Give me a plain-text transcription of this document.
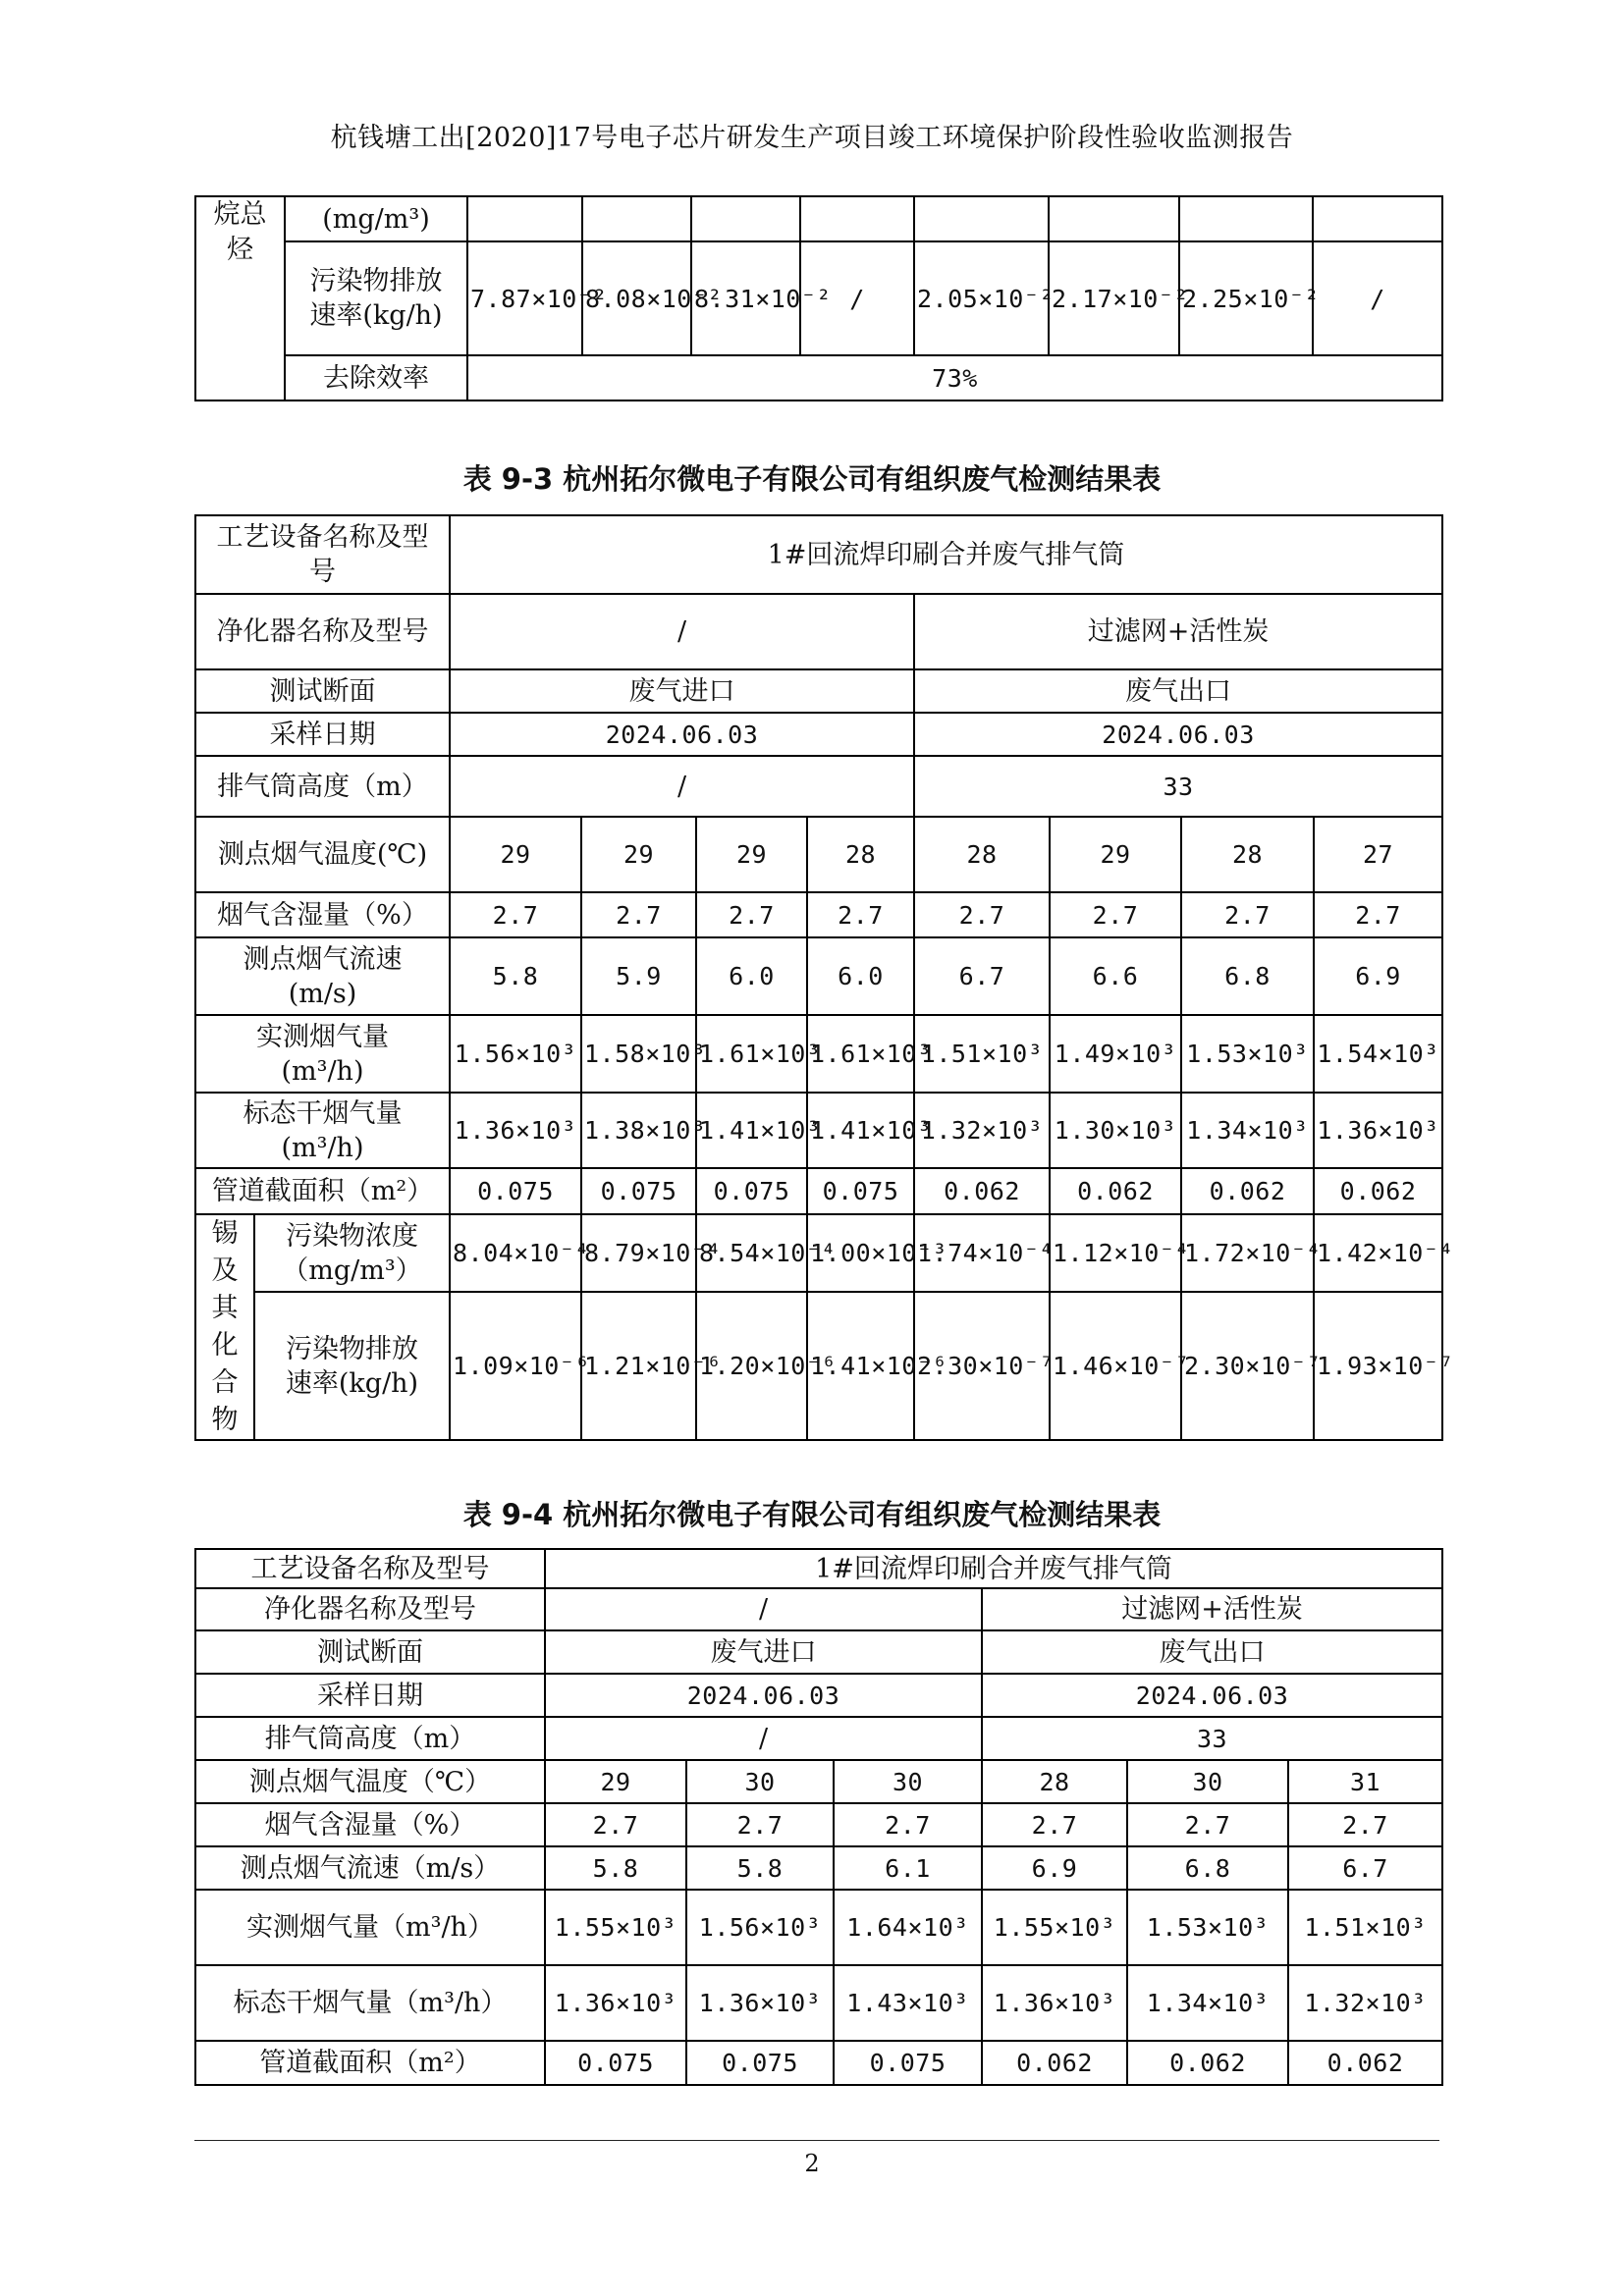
杭钱塘工出[2020]17号电子芯片研发生产项目竣工环境保护阶段性验收监测报告
烷总烃	(mg/m³)								
	污染物排放速率(kg/h)	7.87×10⁻²	8.08×10⁻²	8.31×10⁻²	/	2.05×10⁻²	2.17×10⁻²	2.25×10⁻²	/
	去除效率	73%							
表 9-3 杭州拓尔微电子有限公司有组织废气检测结果表
工艺设备名称及型号		1#回流焊印刷合并废气排气筒							
净化器名称及型号		/				过滤网+活性炭			
测试断面		废气进口				废气出口			
采样日期		2024.06.03				2024.06.03			
排气筒高度（m）		/				33			
测点烟气温度(℃)		29	29	29	28	28	29	28	27
烟气含湿量（%）		2.7	2.7	2.7	2.7	2.7	2.7	2.7	2.7
测点烟气流速(m/s)		5.8	5.9	6.0	6.0	6.7	6.6	6.8	6.9
实测烟气量(m³/h)		1.56×10³	1.58×10³	1.61×10³	1.61×10³	1.51×10³	1.49×10³	1.53×10³	1.54×10³
标态干烟气量(m³/h)		1.36×10³	1.38×10³	1.41×10³	1.41×10³	1.32×10³	1.30×10³	1.34×10³	1.36×10³
管道截面积（m²）		0.075	0.075	0.075	0.075	0.062	0.062	0.062	0.062
锡及其化合物	污染物浓度（mg/m³）	8.04×10⁻⁴	8.79×10⁻⁴	8.54×10⁻⁴	1.00×10⁻³	1.74×10⁻⁴	1.12×10⁻⁴	1.72×10⁻⁴	1.42×10⁻⁴
	污染物排放速率(kg/h)	1.09×10⁻⁶	1.21×10⁻⁶	1.20×10⁻⁶	1.41×10⁻⁶	2.30×10⁻⁷	1.46×10⁻⁷	2.30×10⁻⁷	1.93×10⁻⁷
表 9-4 杭州拓尔微电子有限公司有组织废气检测结果表
工艺设备名称及型号	1#回流焊印刷合并废气排气筒					
净化器名称及型号	/			过滤网+活性炭		
测试断面	废气进口			废气出口		
采样日期	2024.06.03			2024.06.03		
排气筒高度（m）	/			33		
测点烟气温度（℃）	29	30	30	28	30	31
烟气含湿量（%）	2.7	2.7	2.7	2.7	2.7	2.7
测点烟气流速（m/s）	5.8	5.8	6.1	6.9	6.8	6.7
实测烟气量（m³/h）	1.55×10³	1.56×10³	1.64×10³	1.55×10³	1.53×10³	1.51×10³
标态干烟气量（m³/h）	1.36×10³	1.36×10³	1.43×10³	1.36×10³	1.34×10³	1.32×10³
管道截面积（m²）	0.075	0.075	0.075	0.062	0.062	0.062
2
